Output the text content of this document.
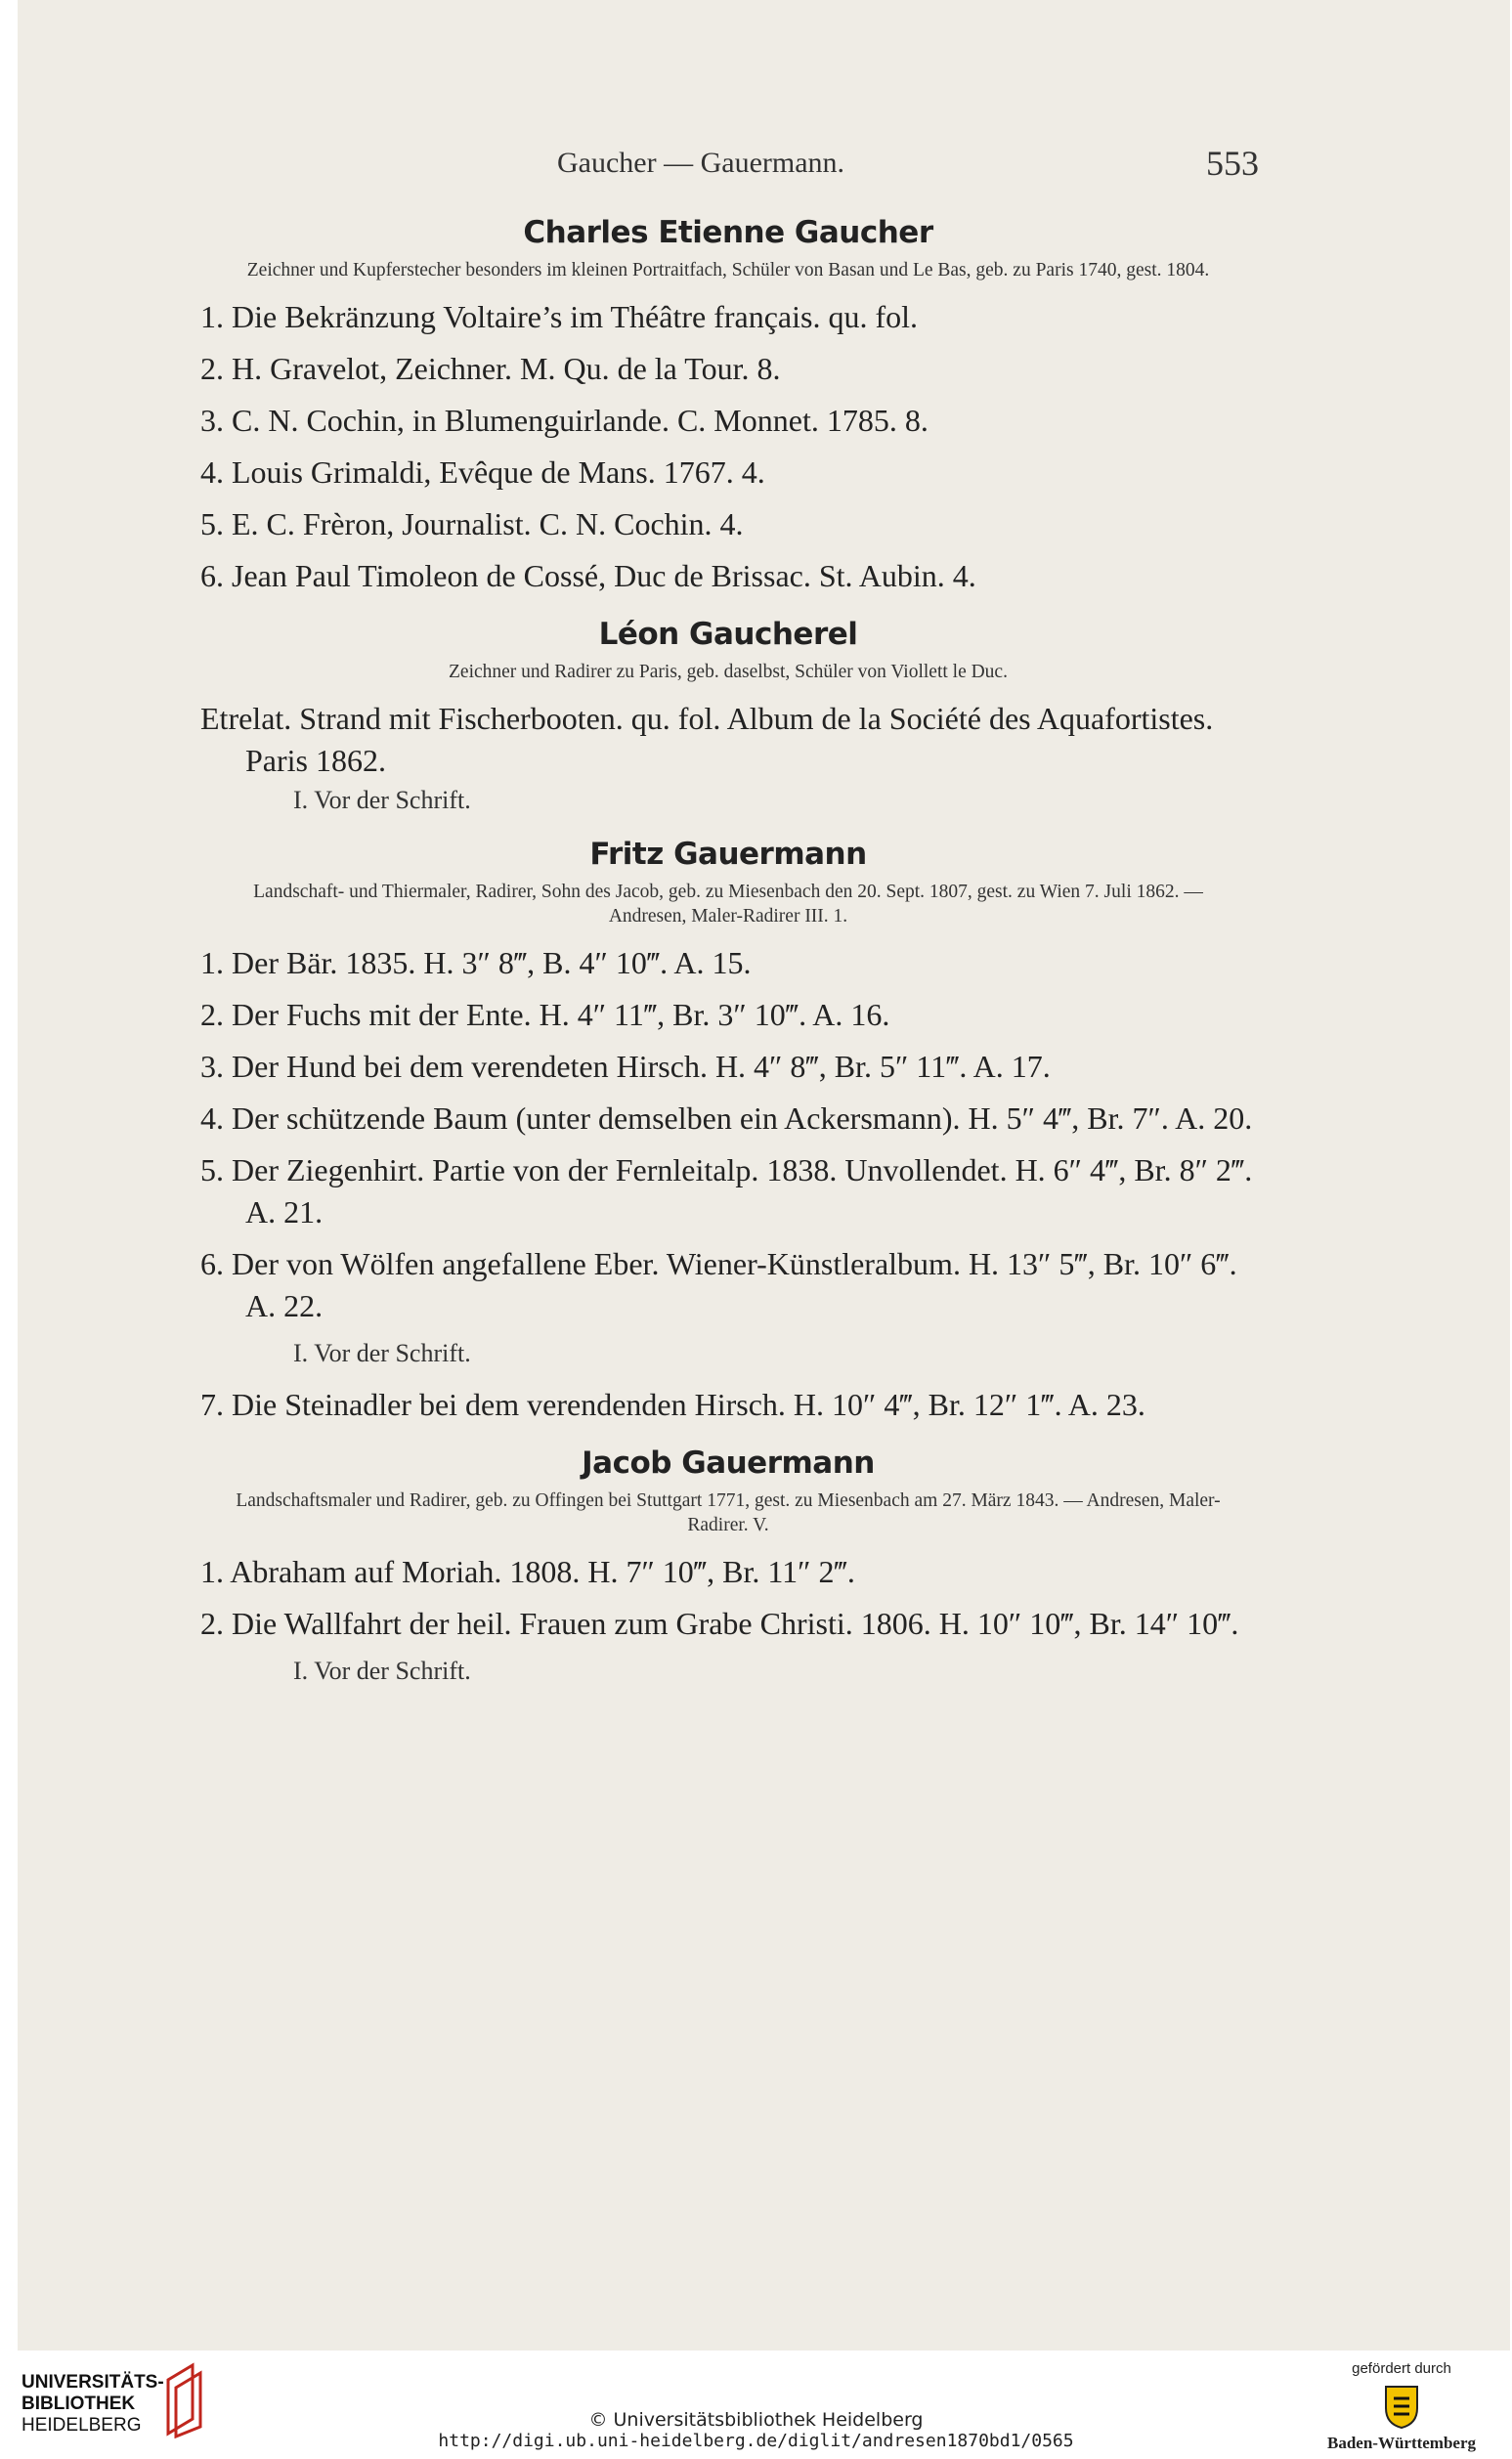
Gaucher — Gauermann.	553
Charles Etienne Gaucher
Zeichner und Kupferstecher besonders im kleinen Portraitfach, Schüler von Basan und Le Bas, geb. zu Paris 1740, gest. 1804.

1. Die Bekränzung Voltaire’s im Théâtre français. qu. fol.

2. H. Gravelot, Zeichner. M. Qu. de la Tour. 8.

3. C. N. Cochin, in Blumenguirlande. C. Monnet. 1785. 8.

4. Louis Grimaldi, Evêque de Mans. 1767. 4.

5. E. C. Frèron, Journalist. C. N. Cochin. 4.

6. Jean Paul Timoleon de Cossé, Duc de Brissac. St. Aubin. 4.

Léon Gaucherel
Zeichner und Radirer zu Paris, geb. daselbst, Schüler von Viollett le Duc.

Etrelat. Strand mit Fischerbooten. qu. fol. Album de la Société des Aquafortistes. Paris 1862.

I. Vor der Schrift.

Fritz Gauermann
Landschaft- und Thiermaler, Radirer, Sohn des Jacob, geb. zu Miesenbach den 20. Sept. 1807, gest. zu Wien 7. Juli 1862. — Andresen, Maler-Radirer III. 1.

1. Der Bär. 1835. H. 3″ 8‴, B. 4″ 10‴. A. 15.

2. Der Fuchs mit der Ente. H. 4″ 11‴, Br. 3″ 10‴. A. 16.

3. Der Hund bei dem verendeten Hirsch. H. 4″ 8‴, Br. 5″ 11‴. A. 17.

4. Der schützende Baum (unter demselben ein Ackersmann). H. 5″ 4‴, Br. 7″. A. 20.

5. Der Ziegenhirt. Partie von der Fernleitalp. 1838. Unvollendet. H. 6″ 4‴, Br. 8″ 2‴. A. 21.

6. Der von Wölfen angefallene Eber. Wiener-Künstleralbum. H. 13″ 5‴, Br. 10″ 6‴. A. 22.

I. Vor der Schrift.

7. Die Steinadler bei dem verendenden Hirsch. H. 10″ 4‴, Br. 12″ 1‴. A. 23.

Jacob Gauermann
Landschaftsmaler und Radirer, geb. zu Offingen bei Stuttgart 1771, gest. zu Miesenbach am 27. März 1843. — Andresen, Maler-Radirer. V.

1. Abraham auf Moriah. 1808. H. 7″ 10‴, Br. 11″ 2‴.

2. Die Wallfahrt der heil. Frauen zum Grabe Christi. 1806. H. 10″ 10‴, Br. 14″ 10‴.

I. Vor der Schrift.

UNIVERSITÄTS-
BIBLIOTHEK
HEIDELBERG	© Universitätsbibliothek Heidelberg
http://digi.ub.uni-heidelberg.de/diglit/andresen1870bd1/0565
gefördert durch
Baden-Württemberg
